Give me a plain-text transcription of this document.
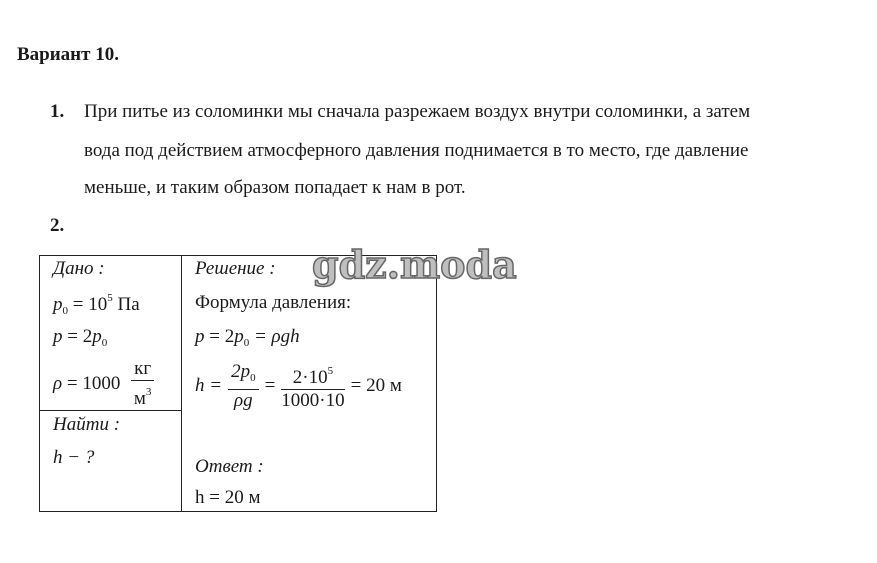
Вариант 10.
1. При питье из соломинки мы сначала разрежаем воздух внутри соломинки, а затем
вода под действием атмосферного давления поднимается в то место, где давление
меньше, и таким образом попадает к нам в рот.
2.
Дано :
$p_0 = 10^5$ Па
$p = 2p_0$
$\rho = 1000 \frac{кг}{м^3}$
Найти :
h − ?
Решение :
Формула давления:
$p = 2p_0 = \rho gh$
$h = \frac{2p_0}{\rho g} = \frac{2\cdot 10^5}{1000\cdot 10} = 20$ м
Ответ :
h = 20 м
gdz.moda
